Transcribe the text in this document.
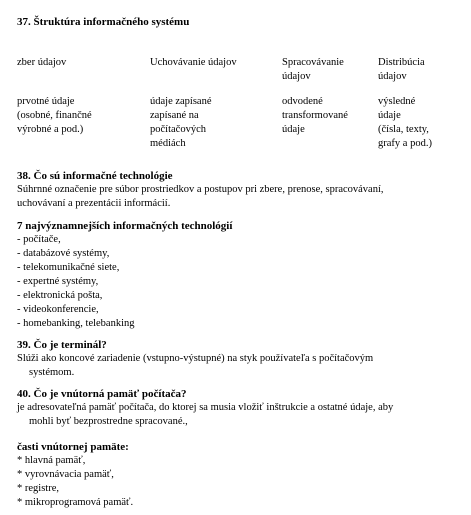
37. Štruktúra informačného systému
zber údajov	Uchovávanie údajov	Spracovávanie
údajov
Distribúcia
údajov
prvotné údaje
(osobné, finančné
výrobné a pod.)
údaje zapísané
zapísané na
počítačových
médiách
odvodené
transformované
údaje
výsledné
údaje
(čísla, texty,
grafy a pod.)
38. Čo sú informačné technológie
Súhrnné označenie pre súbor prostriedkov a postupov pri zbere, prenose, spracovávaní,
uchovávaní a prezentácii informácií.
7 najvýznamnejších informačných technológií
- počítače,
- databázové systémy,
- telekomunikačné siete,
- expertné systémy,
- elektronická pošta,
- videokonferencie,
- homebanking, telebanking
39. Čo je terminál?
Slúži ako koncové zariadenie (vstupno-výstupné) na styk používateľa s počítačovým
systémom.
40. Čo je vnútorná pamäť počítača?
je adresovateľná pamäť počítača, do ktorej sa musia vložiť inštrukcie a ostatné údaje, aby
mohli byť bezprostredne spracované.,
časti vnútornej pamäte:
* hlavná pamäť,
* vyrovnávacia pamäť,
* registre,
* mikroprogramová pamäť.
